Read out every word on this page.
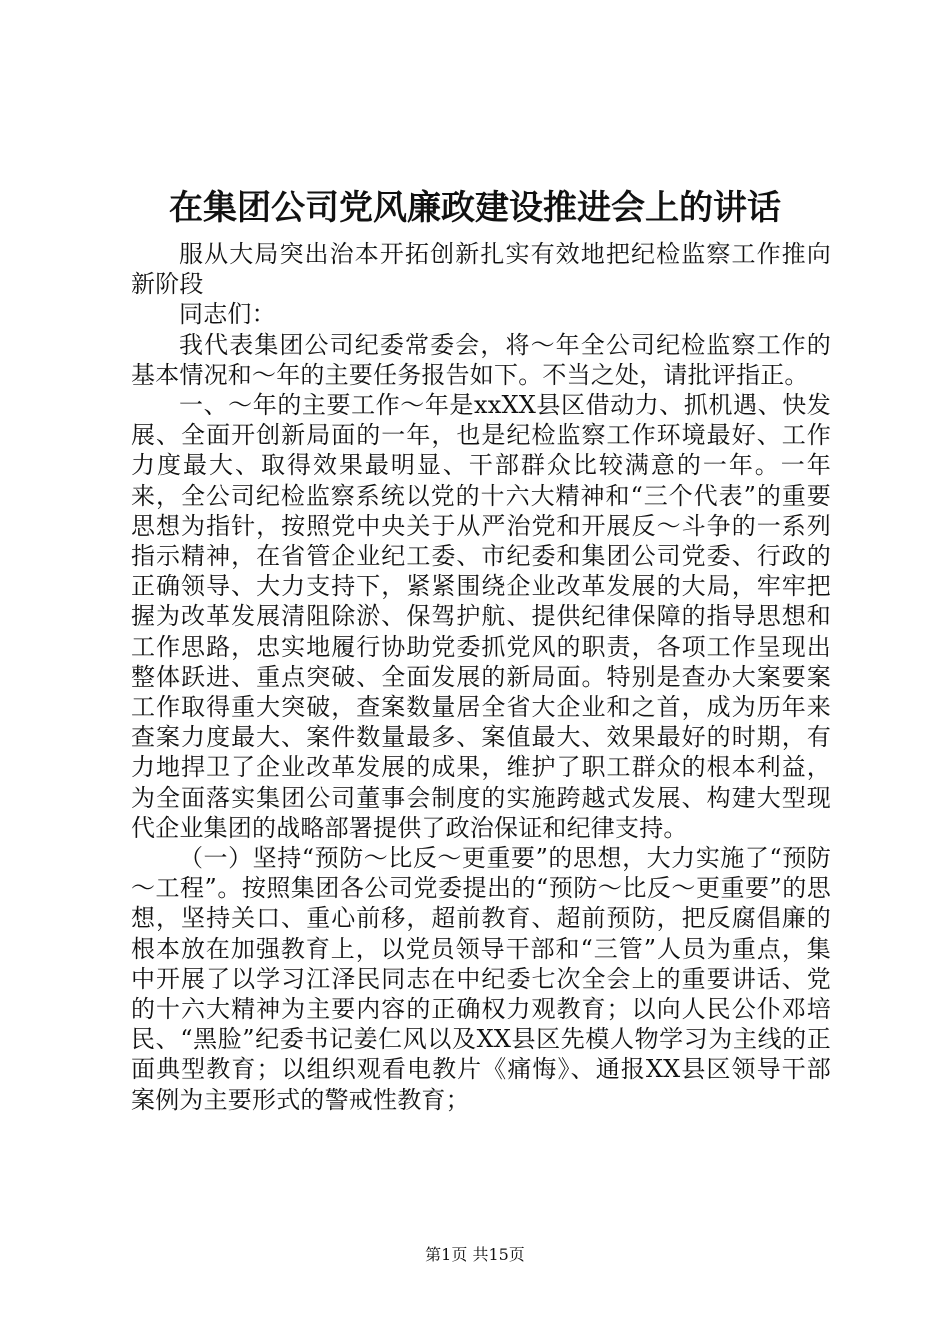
在集团公司党风廉政建设推进会上的讲话

服从大局突出治本开拓创新扎实有效地把纪检监察工作推向新阶段

同志们：

我代表集团公司纪委常委会，将～年全公司纪检监察工作的基本情况和～年的主要任务报告如下。不当之处，请批评指正。

一、～年的主要工作～年是xxXX县区借动力、抓机遇、快发展、全面开创新局面的一年，也是纪检监察工作环境最好、工作力度最大、取得效果最明显、干部群众比较满意的一年。一年来，全公司纪检监察系统以党的十六大精神和“三个代表”的重要思想为指针，按照党中央关于从严治党和开展反～斗争的一系列指示精神，在省管企业纪工委、市纪委和集团公司党委、行政的正确领导、大力支持下，紧紧围绕企业改革发展的大局，牢牢把握为改革发展清阻除淤、保驾护航、提供纪律保障的指导思想和工作思路，忠实地履行协助党委抓党风的职责，各项工作呈现出整体跃进、重点突破、全面发展的新局面。特别是查办大案要案工作取得重大突破，查案数量居全省大企业和之首，成为历年来查案力度最大、案件数量最多、案值最大、效果最好的时期，有力地捍卫了企业改革发展的成果，维护了职工群众的根本利益，为全面落实集团公司董事会制度的实施跨越式发展、构建大型现代企业集团的战略部署提供了政治保证和纪律支持。

（一）坚持“预防～比反～更重要”的思想，大力实施了“预防～工程”。按照集团各公司党委提出的“预防～比反～更重要”的思想，坚持关口、重心前移，超前教育、超前预防，把反腐倡廉的根本放在加强教育上，以党员领导干部和“三管”人员为重点，集中开展了以学习江泽民同志在中纪委七次全会上的重要讲话、党的十六大精神为主要内容的正确权力观教育；以向人民公仆邓培民、“黑脸”纪委书记姜仁风以及XX县区先模人物学习为主线的正面典型教育；以组织观看电教片《痛悔》、通报XX县区领导干部案例为主要形式的警戒性教育；

第1页 共15页
